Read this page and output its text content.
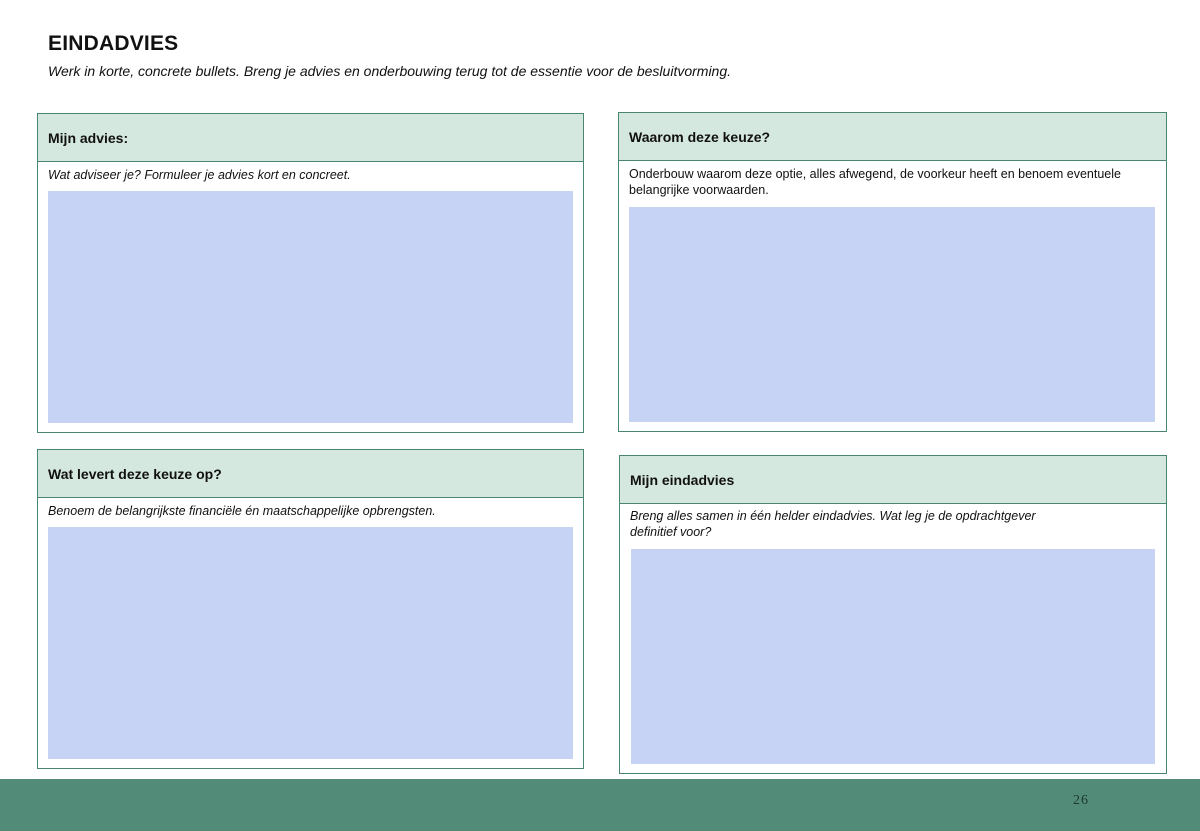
EINDADVIES
Werk in korte, concrete bullets. Breng je advies en onderbouwing terug tot de essentie voor de besluitvorming.
Mijn advies:
Wat adviseer je? Formuleer je advies kort en concreet.
Waarom deze keuze?
Onderbouw waarom deze optie, alles afwegend, de voorkeur heeft en benoem eventuele belangrijke voorwaarden.
Wat levert deze keuze op?
Benoem de belangrijkste financiële én maatschappelijke opbrengsten.
Mijn eindadvies
Breng alles samen in één helder eindadvies. Wat leg je de opdrachtgever definitief voor?
26
